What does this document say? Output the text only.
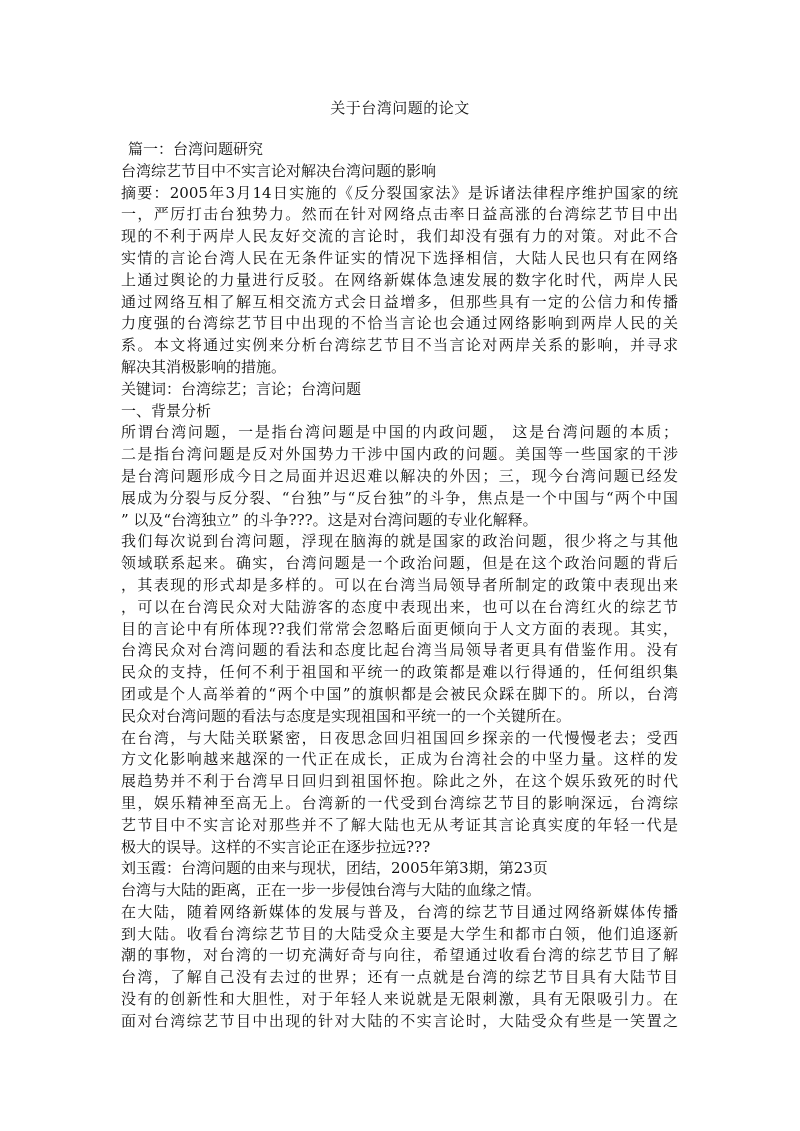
关于台湾问题的论文
篇一：台湾问题研究
台湾综艺节目中不实言论对解决台湾问题的影响
摘要：2005年3月14日实施的《反分裂国家法》是诉诸法律程序维护国家的统
一，严厉打击台独势力。然而在针对网络点击率日益高涨的台湾综艺节目中出
现的不利于两岸人民友好交流的言论时，我们却没有强有力的对策。对此不合
实情的言论台湾人民在无条件证实的情况下选择相信，大陆人民也只有在网络
上通过舆论的力量进行反驳。在网络新媒体急速发展的数字化时代，两岸人民
通过网络互相了解互相交流方式会日益增多，但那些具有一定的公信力和传播
力度强的台湾综艺节目中出现的不恰当言论也会通过网络影响到两岸人民的关
系。本文将通过实例来分析台湾综艺节目不当言论对两岸关系的影响，并寻求
解决其消极影响的措施。
关键词：台湾综艺；言论；台湾问题
一、背景分析
所谓台湾问题，一是指台湾问题是中国的内政问题， 这是台湾问题的本质；
二是指台湾问题是反对外国势力干涉中国内政的问题。美国等一些国家的干涉
是台湾问题形成今日之局面并迟迟难以解决的外因；三，现今台湾问题已经发
展成为分裂与反分裂、“台独”与“反台独”的斗争，焦点是一个中国与“两个中国
” 以及“台湾独立” 的斗争???。这是对台湾问题的专业化解释。
我们每次说到台湾问题，浮现在脑海的就是国家的政治问题，很少将之与其他
领域联系起来。确实，台湾问题是一个政治问题，但是在这个政治问题的背后
，其表现的形式却是多样的。可以在台湾当局领导者所制定的政策中表现出来
，可以在台湾民众对大陆游客的态度中表现出来，也可以在台湾红火的综艺节
目的言论中有所体现??我们常常会忽略后面更倾向于人文方面的表现。其实，
台湾民众对台湾问题的看法和态度比起台湾当局领导者更具有借鉴作用。没有
民众的支持，任何不利于祖国和平统一的政策都是难以行得通的，任何组织集
团或是个人高举着的“两个中国”的旗帜都是会被民众踩在脚下的。所以，台湾
民众对台湾问题的看法与态度是实现祖国和平统一的一个关键所在。
在台湾，与大陆关联紧密，日夜思念回归祖国回乡探亲的一代慢慢老去；受西
方文化影响越来越深的一代正在成长，正成为台湾社会的中坚力量。这样的发
展趋势并不利于台湾早日回归到祖国怀抱。除此之外，在这个娱乐致死的时代
里，娱乐精神至高无上。台湾新的一代受到台湾综艺节目的影响深远，台湾综
艺节目中不实言论对那些并不了解大陆也无从考证其言论真实度的年轻一代是
极大的误导。这样的不实言论正在逐步拉远???
刘玉霞：台湾问题的由来与现状，团结，2005年第3期，第23页
台湾与大陆的距离，正在一步一步侵蚀台湾与大陆的血缘之情。
在大陆，随着网络新媒体的发展与普及，台湾的综艺节目通过网络新媒体传播
到大陆。收看台湾综艺节目的大陆受众主要是大学生和都市白领，他们追逐新
潮的事物，对台湾的一切充满好奇与向往，希望通过收看台湾的综艺节目了解
台湾，了解自己没有去过的世界；还有一点就是台湾的综艺节目具有大陆节目
没有的创新性和大胆性，对于年轻人来说就是无限刺激，具有无限吸引力。在
面对台湾综艺节目中出现的针对大陆的不实言论时，大陆受众有些是一笑置之
